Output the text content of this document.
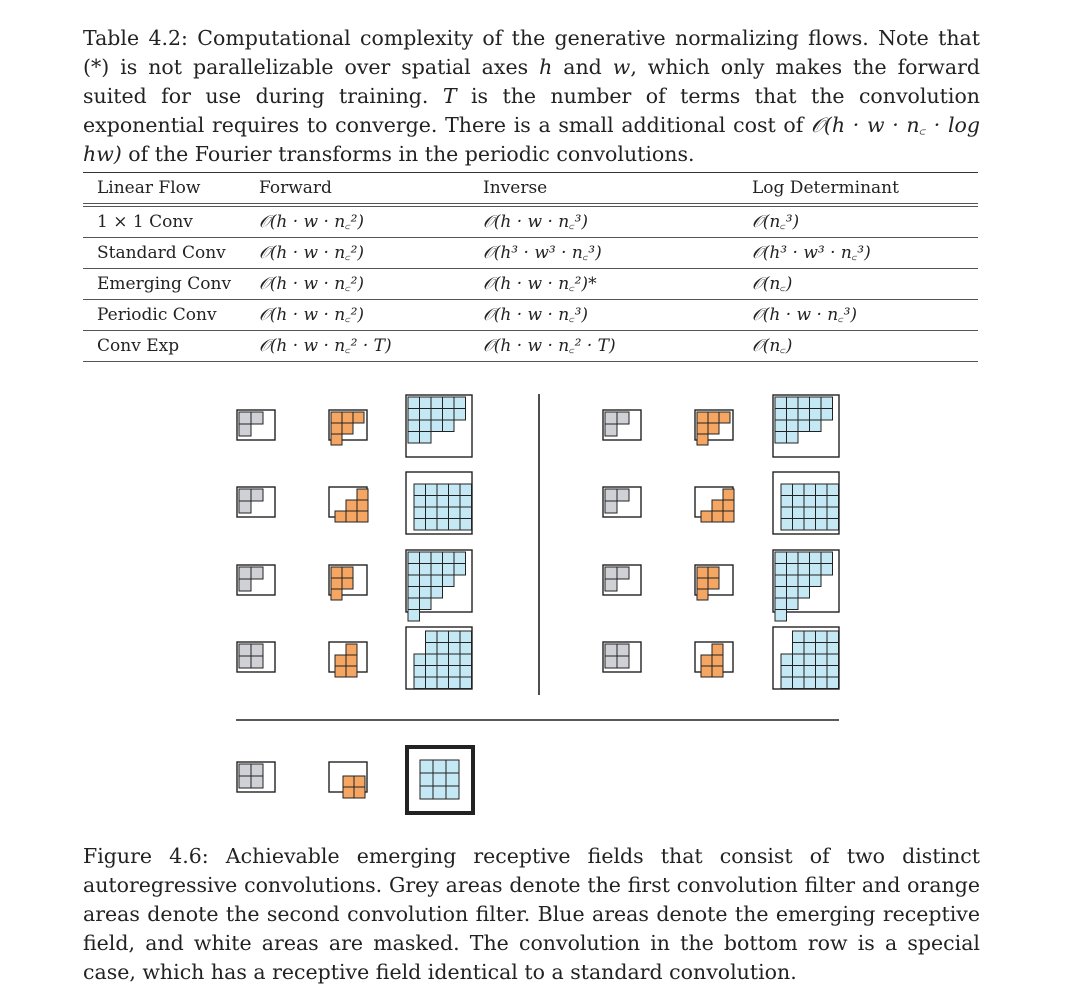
Table 4.2: Computational complexity of the generative normalizing flows. Note that (*) is not parallelizable over spatial axes h and w, which only makes the forward suited for use during training. T is the number of terms that the convolution exponential requires to converge. There is a small additional cost of 𝒪(h · w · n꜀ · log hw) of the Fourier transforms in the periodic convolutions.

Linear Flow	Forward	Inverse	Log Determinant
1 × 1 Conv	𝒪(h · w · n꜀²)	𝒪(h · w · n꜀³)	𝒪(n꜀³)
Standard Conv	𝒪(h · w · n꜀²)	𝒪(h³ · w³ · n꜀³)	𝒪(h³ · w³ · n꜀³)
Emerging Conv	𝒪(h · w · n꜀²)	𝒪(h · w · n꜀²)*	𝒪(n꜀)
Periodic Conv	𝒪(h · w · n꜀²)	𝒪(h · w · n꜀³)	𝒪(h · w · n꜀³)
Conv Exp	𝒪(h · w · n꜀² · T)	𝒪(h · w · n꜀² · T)	𝒪(n꜀)

Figure 4.6: Achievable emerging receptive fields that consist of two distinct autoregressive convolutions. Grey areas denote the first convolution filter and orange areas denote the second convolution filter. Blue areas denote the emerging receptive field, and white areas are masked. The convolution in the bottom row is a special case, which has a receptive field identical to a standard convolution.
